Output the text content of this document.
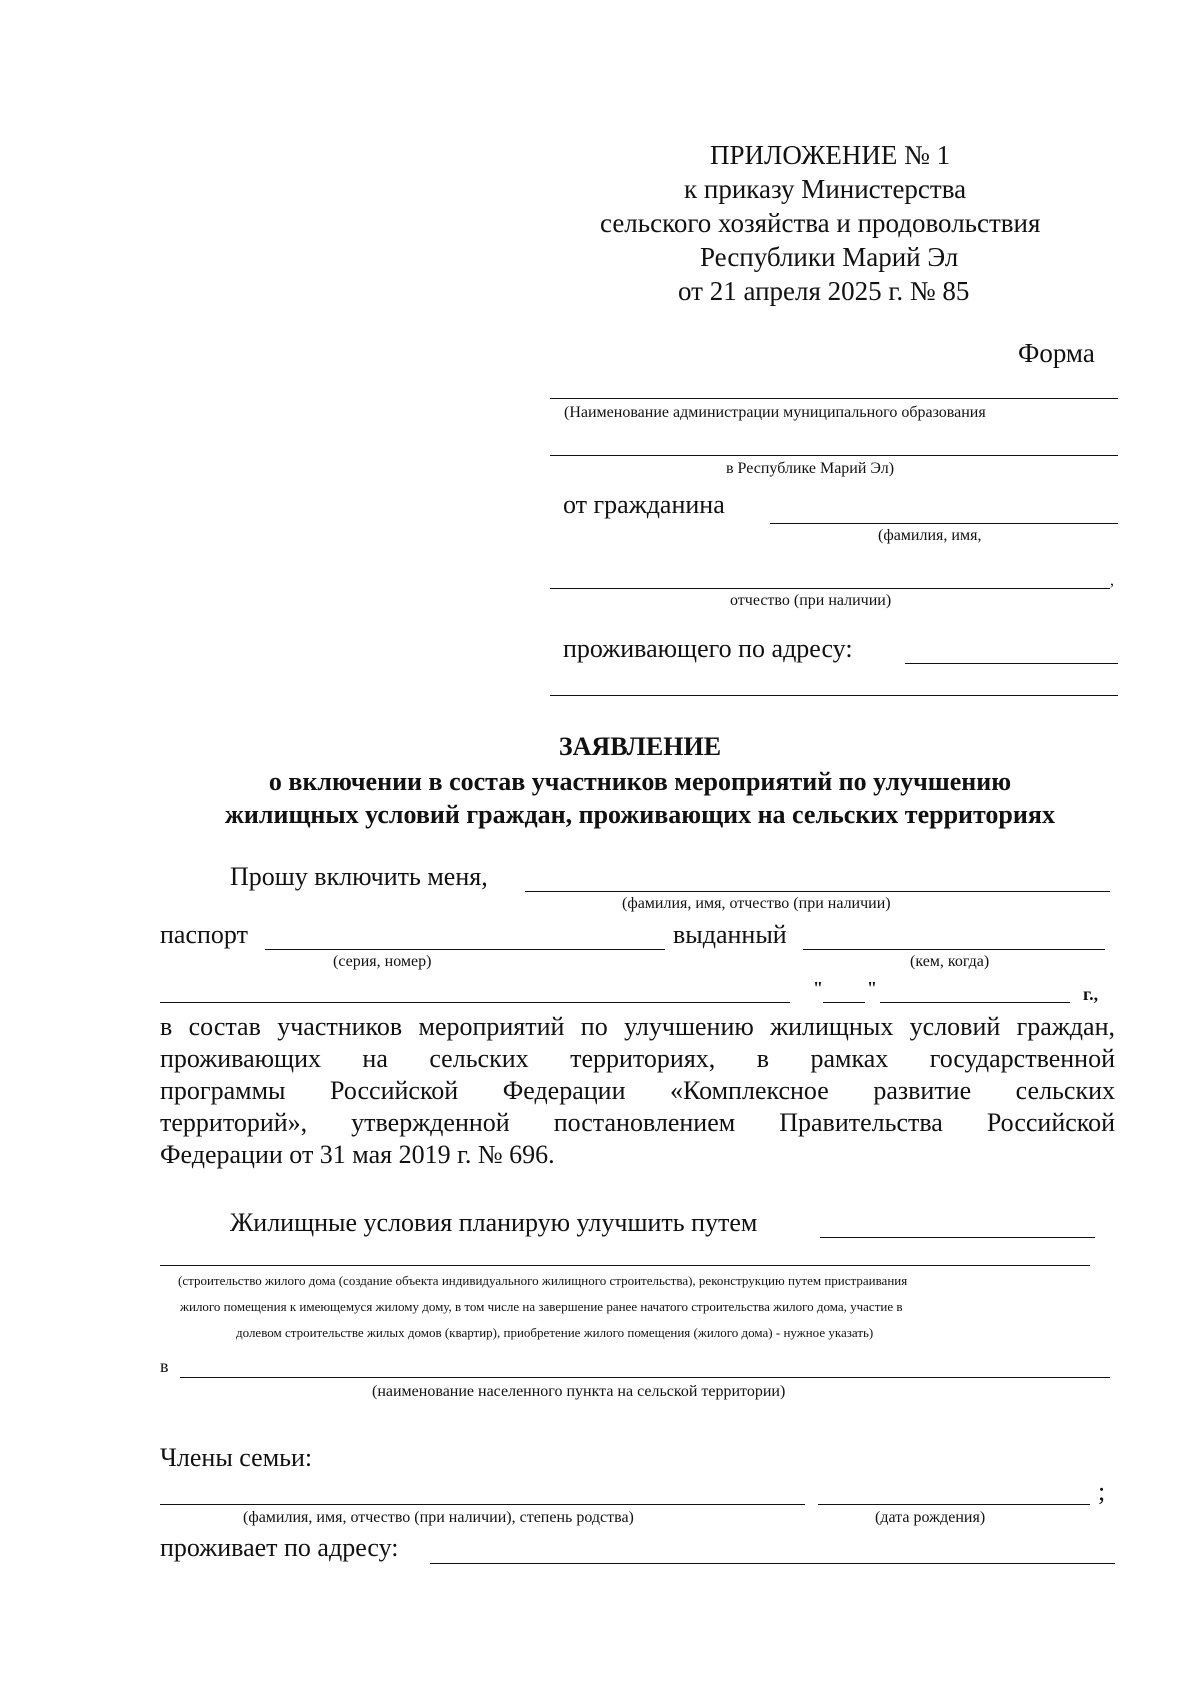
ПРИЛОЖЕНИЕ № 1
к приказу Министерства
сельского хозяйства и продовольствия
Республики Марий Эл
от 21 апреля 2025 г. № 85
Форма
(Наименование администрации муниципального образования
в Республике Марий Эл)
от гражданина
(фамилия, имя,
,
отчество (при наличии)
проживающего по адресу:
ЗАЯВЛЕНИЕ
о включении в состав участников мероприятий по улучшению
жилищных условий граждан, проживающих на сельских территориях
Прошу включить меня,
(фамилия, имя, отчество (при наличии)
паспорт	выданный
(серия, номер)	(кем, когда)
" "	г.,
в состав участников мероприятий по улучшению жилищных условий граждан,
проживающих на сельских территориях, в рамках государственной
программы Российской Федерации «Комплексное развитие сельских
территорий», утвержденной постановлением Правительства Российской
Федерации от 31 мая 2019 г. № 696.
Жилищные условия планирую улучшить путем
(строительство жилого дома (создание объекта индивидуального жилищного строительства), реконструкцию путем пристраивания
жилого помещения к имеющемуся жилому дому, в том числе на завершение ранее начатого строительства жилого дома, участие в
долевом строительстве жилых домов (квартир), приобретение жилого помещения (жилого дома) - нужное указать)
в
(наименование населенного пункта на сельской территории)
Члены семьи:
;
(фамилия, имя, отчество (при наличии), степень родства)	(дата рождения)
проживает по адресу:
